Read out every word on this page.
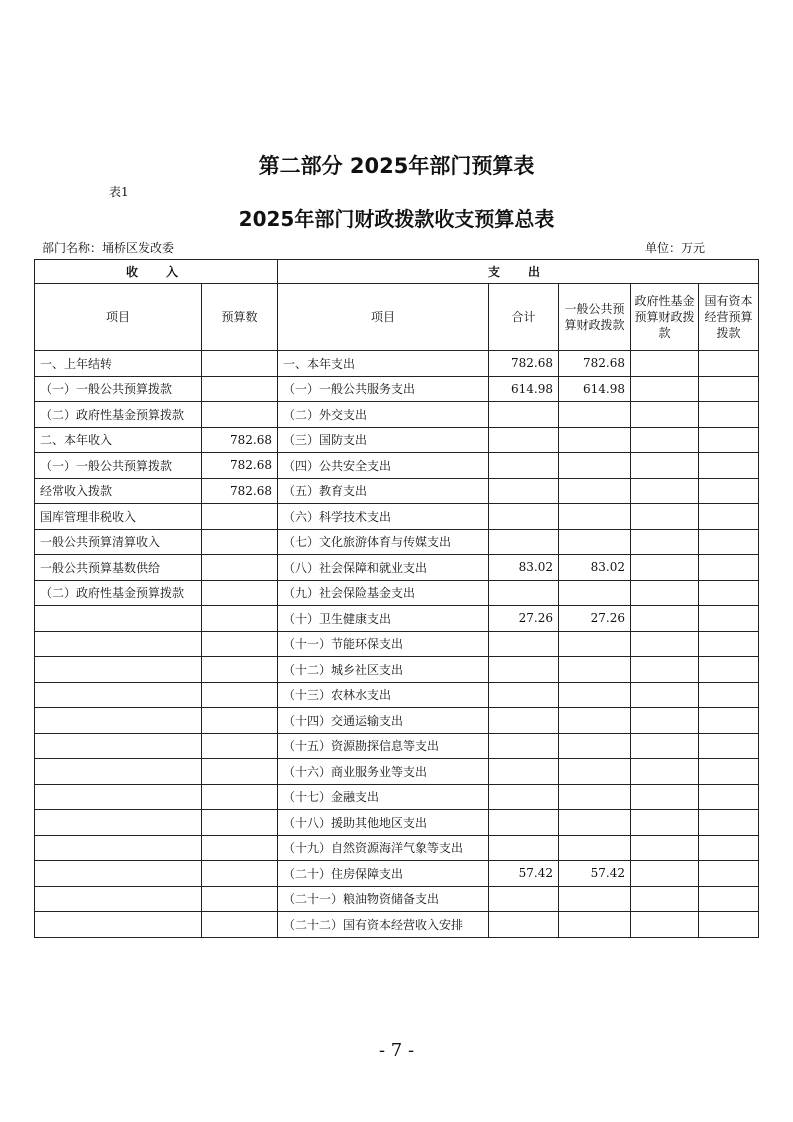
第二部分 2025年部门预算表
表1
2025年部门财政拨款收支预算总表
部门名称：埇桥区发改委	单位：万元
收　入		支　出				
项目	预算数	项目	合计	一般公共预算财政拨款	政府性基金预算财政拨款	国有资本经营预算拨款
一、上年结转		一、本年支出	782.68	782.68		
（一）一般公共预算拨款		（一）一般公共服务支出	614.98	614.98		
（二）政府性基金预算拨款		（二）外交支出				
二、本年收入	782.68	（三）国防支出				
（一）一般公共预算拨款	782.68	（四）公共安全支出				
经常收入拨款	782.68	（五）教育支出				
国库管理非税收入		（六）科学技术支出				
一般公共预算清算收入		（七）文化旅游体育与传媒支出				
一般公共预算基数供给		（八）社会保障和就业支出	83.02	83.02		
（二）政府性基金预算拨款		（九）社会保险基金支出				
		（十）卫生健康支出	27.26	27.26		
		（十一）节能环保支出				
		（十二）城乡社区支出				
		（十三）农林水支出				
		（十四）交通运输支出				
		（十五）资源勘探信息等支出				
		（十六）商业服务业等支出				
		（十七）金融支出				
		（十八）援助其他地区支出				
		（十九）自然资源海洋气象等支出				
		（二十）住房保障支出	57.42	57.42		
		（二十一）粮油物资储备支出				
		（二十二）国有资本经营收入安排				
- 7 -
